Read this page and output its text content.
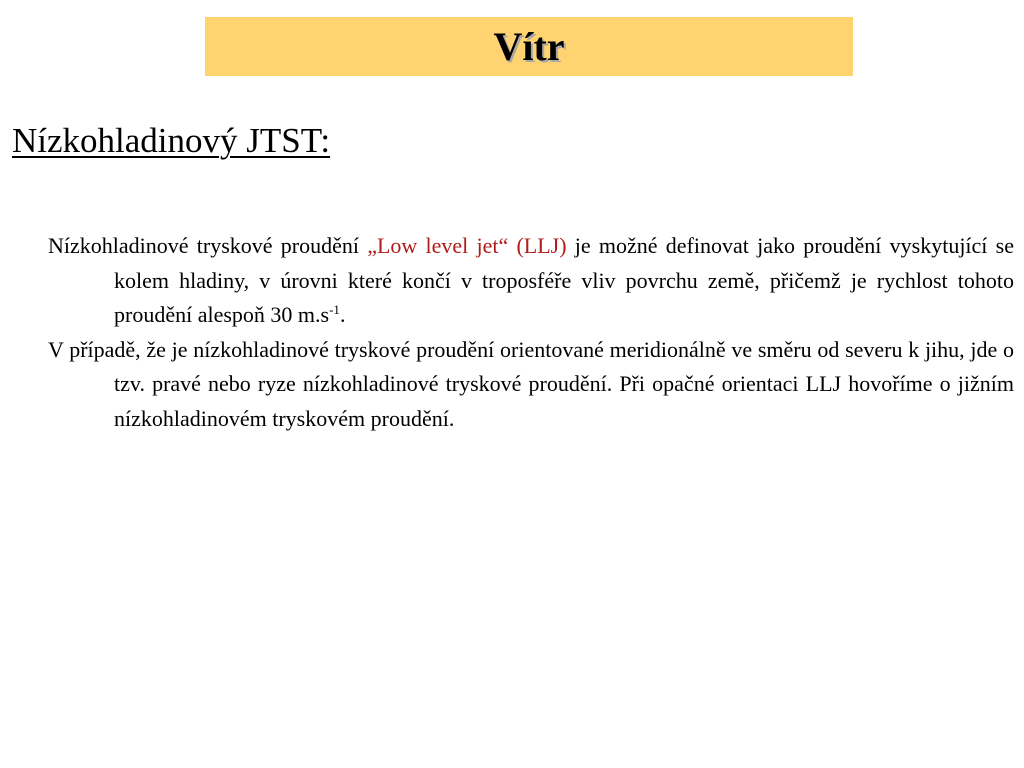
Vítr
Nízkohladinový JTST:

Nízkohladinové tryskové proudění „Low level jet“ (LLJ) je možné definovat jako proudění vyskytující se kolem hladiny, v úrovni které končí v troposféře vliv povrchu země, přičemž je rychlost tohoto proudění alespoň 30 $m.s^{-1}$.

V případě, že je nízkohladinové tryskové proudění orientované meridionálně ve směru od severu k jihu, jde o tzv. pravé nebo ryze nízkohladinové tryskové proudění. Při opačné orientaci LLJ hovoříme o jižním nízkohladinovém tryskovém proudění.
